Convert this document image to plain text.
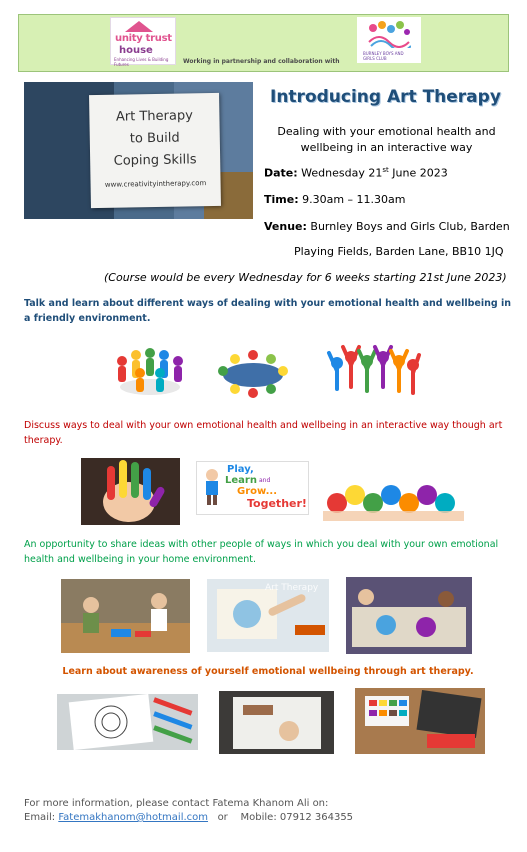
unity trust
house
Enhancing Lives & Building Futures	Working in partnership and collaboration with
BURNLEY BOYS AND GIRLS CLUB
Art Therapy
to Build
Coping Skills
www.creativityintherapy.com
Introducing Art Therapy
Dealing with your emotional health and wellbeing in an interactive way
Date: Wednesday 21st June 2023
Time: 9.30am – 11.30am
Venue: Burnley Boys and Girls Club, Barden
Playing Fields, Barden Lane, BB10 1JQ
(Course would be every Wednesday for 6 weeks starting 21st June 2023)
Talk and learn about different ways of dealing with your emotional health and wellbeing in a friendly environment.
Discuss ways to deal with your own emotional health and wellbeing in an interactive way though art therapy.
Play,
Learn and
Grow...
Together!
An opportunity to share ideas with other people of ways in which you deal with your own emotional health and wellbeing in your home environment.
Art Therapy
Learn about awareness of yourself emotional wellbeing through art therapy.
For more information, please contact Fatema Khanom Ali on:
Email: Fatemakhanom@hotmail.com or Mobile: 07912 364355
